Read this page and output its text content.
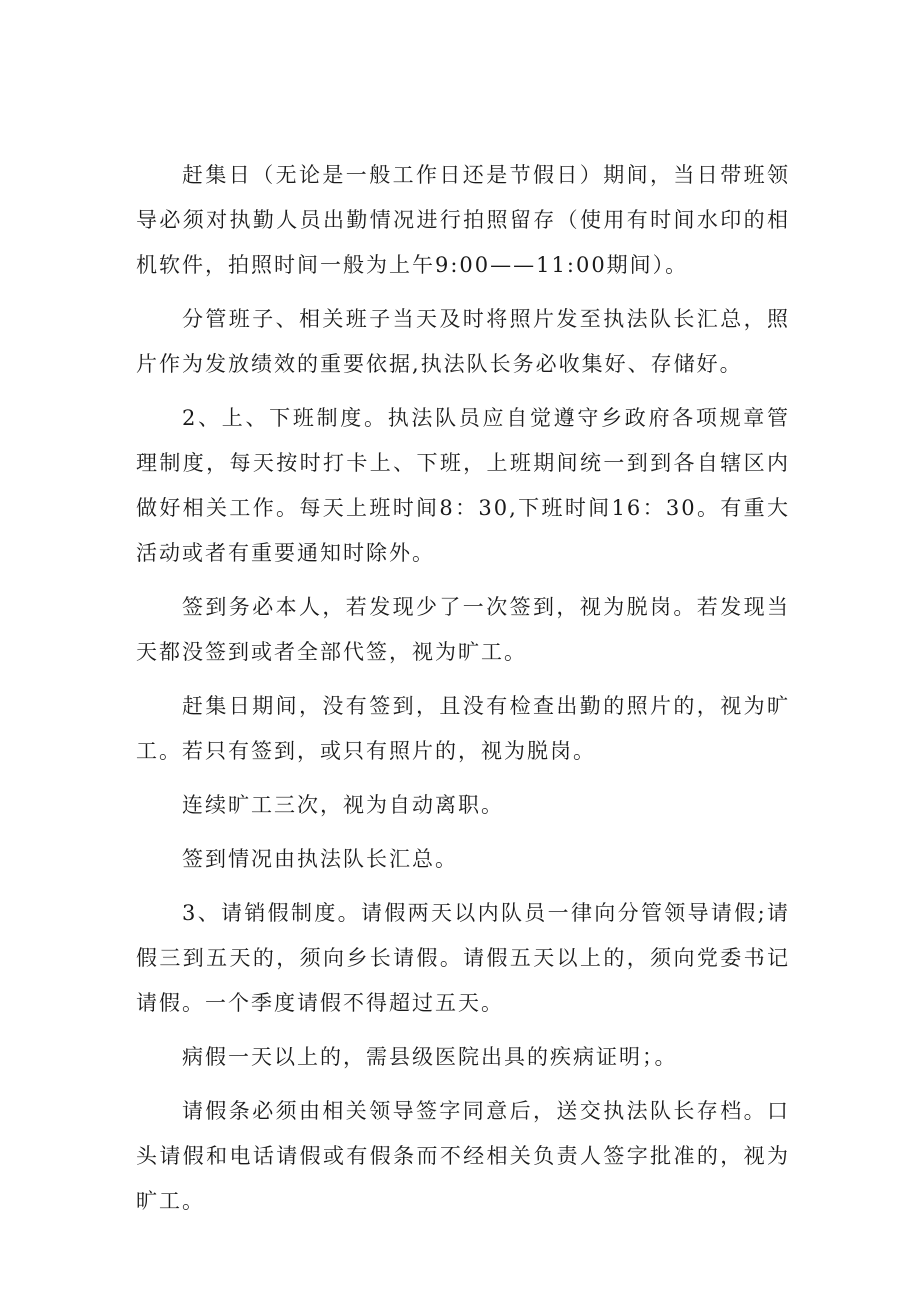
赶集日（无论是一般工作日还是节假日）期间，当日带班领导必须对执勤人员出勤情况进行拍照留存（使用有时间水印的相机软件，拍照时间一般为上午9:00——11:00期间）。

分管班子、相关班子当天及时将照片发至执法队长汇总，照片作为发放绩效的重要依据,执法队长务必收集好、存储好。

2、上、下班制度。执法队员应自觉遵守乡政府各项规章管理制度，每天按时打卡上、下班，上班期间统一到到各自辖区内做好相关工作。每天上班时间8：30,下班时间16：30。有重大活动或者有重要通知时除外。

签到务必本人，若发现少了一次签到，视为脱岗。若发现当天都没签到或者全部代签，视为旷工。

赶集日期间，没有签到，且没有检查出勤的照片的，视为旷工。若只有签到，或只有照片的，视为脱岗。

连续旷工三次，视为自动离职。

签到情况由执法队长汇总。

3、请销假制度。请假两天以内队员一律向分管领导请假;请假三到五天的，须向乡长请假。请假五天以上的，须向党委书记请假。一个季度请假不得超过五天。

病假一天以上的，需县级医院出具的疾病证明；。

请假条必须由相关领导签字同意后，送交执法队长存档。口头请假和电话请假或有假条而不经相关负责人签字批准的，视为旷工。
